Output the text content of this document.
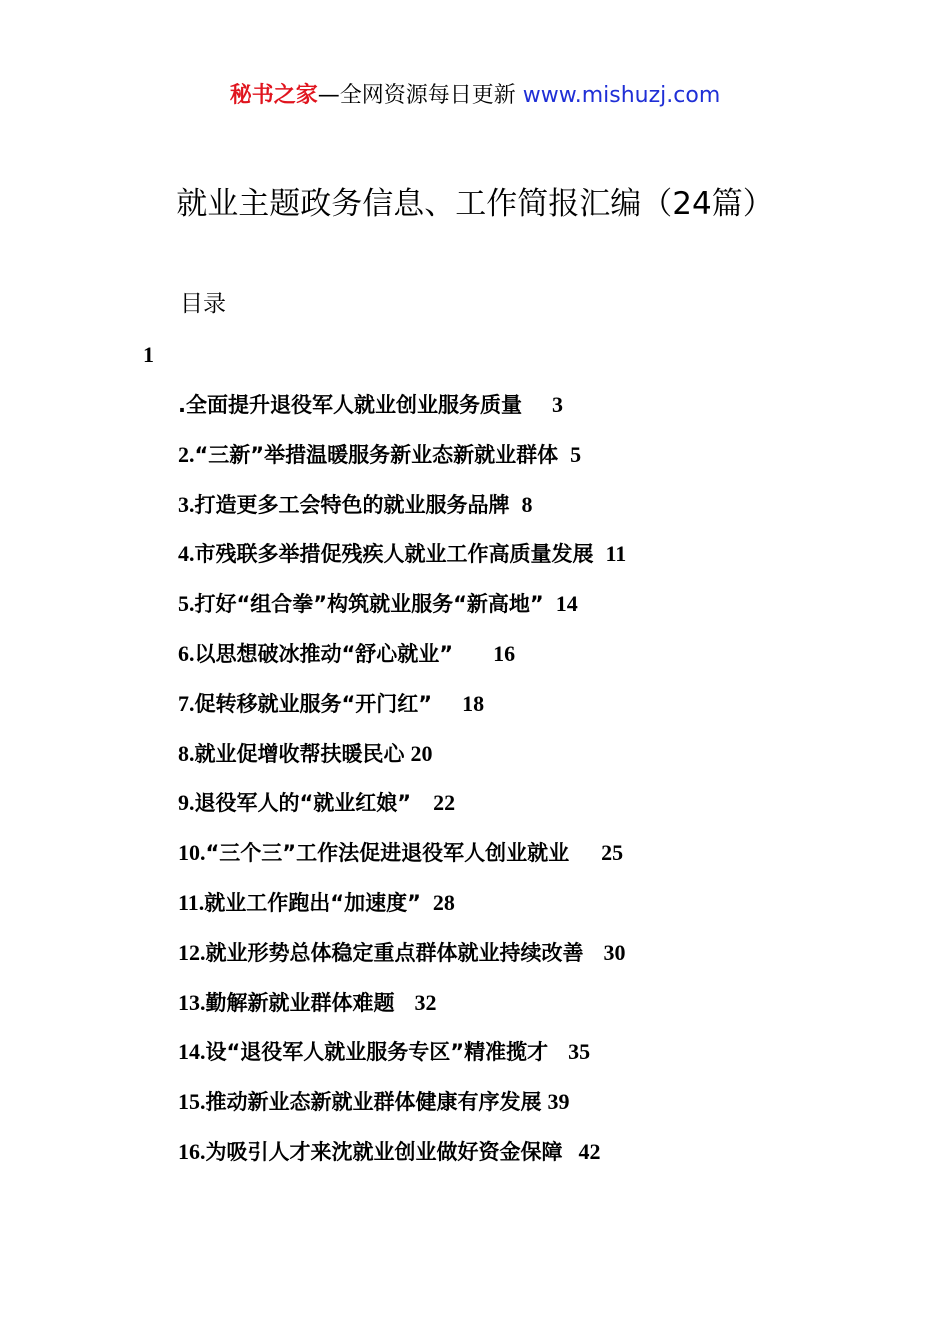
秘书之家—全网资源每日更新 www.mishuzj.com
就业主题政务信息、工作简报汇编（24篇）
目录
1
.全面提升退役军人就业创业服务质量 3
2.“三新”举措温暖服务新业态新就业群体 5
3.打造更多工会特色的就业服务品牌 8
4.市残联多举措促残疾人就业工作高质量发展 11
5.打好“组合拳”构筑就业服务“新高地” 14
6.以思想破冰推动“舒心就业” 16
7.促转移就业服务“开门红” 18
8.就业促增收帮扶暖民心 20
9.退役军人的“就业红娘” 22
10.“三个三”工作法促进退役军人创业就业 25
11.就业工作跑出“加速度” 28
12.就业形势总体稳定重点群体就业持续改善 30
13.勤解新就业群体难题 32
14.设“退役军人就业服务专区”精准揽才 35
15.推动新业态新就业群体健康有序发展 39
16.为吸引人才来沈就业创业做好资金保障 42
